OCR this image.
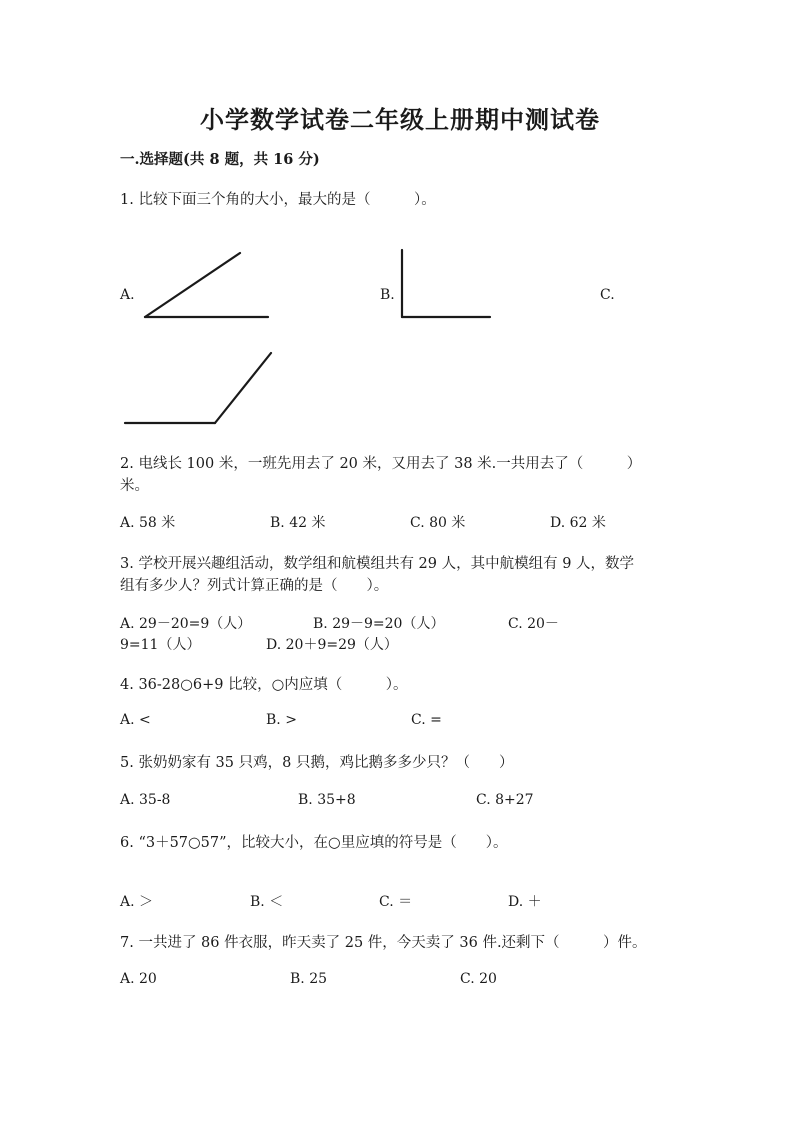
小学数学试卷二年级上册期中测试卷
一.选择题(共 8 题，共 16 分)
1. 比较下面三个角的大小，最大的是（　　　）。
A.	B.	C.
2. 电线长 100 米，一班先用去了 20 米，又用去了 38 米.一共用去了（　　　）
米。
A. 58 米	B. 42 米	C. 80 米	D. 62 米
3. 学校开展兴趣组活动，数学组和航模组共有 29 人，其中航模组有 9 人，数学
组有多少人？列式计算正确的是（　　）。
A. 29－20=9（人）	B. 29－9=20（人）	C. 20－
9=11（人）	D. 20＋9=29（人）
4. 36-28○6+9 比较，○内应填（　　　）。
A. <	B. >	C. =
5. 张奶奶家有 35 只鸡，8 只鹅，鸡比鹅多多少只？（　　）
A. 35-8	B. 35+8	C. 8+27
6. “3＋57○57”，比较大小，在○里应填的符号是（　　）。
A. ＞	B. ＜	C. ＝	D. ＋
7. 一共进了 86 件衣服，昨天卖了 25 件，今天卖了 36 件.还剩下（　　　）件。
A. 20	B. 25	C. 20
